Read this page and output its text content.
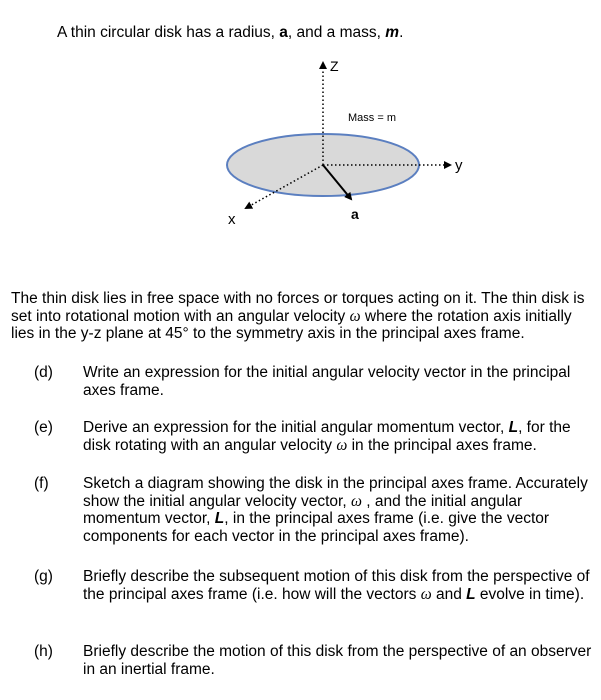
A thin circular disk has a radius, a, and a mass, m.
Z
y
x
Mass = m
a
The thin disk lies in free space with no forces or torques acting on it. The thin disk is set into rotational motion with an angular velocity ω where the rotation axis initially lies in the y-z plane at 45° to the symmetry axis in the principal axes frame.
(d) Write an expression for the initial angular velocity vector in the principal axes frame.
(e) Derive an expression for the initial angular momentum vector, L, for the disk rotating with an angular velocity ω in the principal axes frame.
(f) Sketch a diagram showing the disk in the principal axes frame. Accurately show the initial angular velocity vector, ω , and the initial angular momentum vector, L, in the principal axes frame (i.e. give the vector components for each vector in the principal axes frame).
(g) Briefly describe the subsequent motion of this disk from the perspective of the principal axes frame (i.e. how will the vectors ω and L evolve in time).
(h) Briefly describe the motion of this disk from the perspective of an observer in an inertial frame.
